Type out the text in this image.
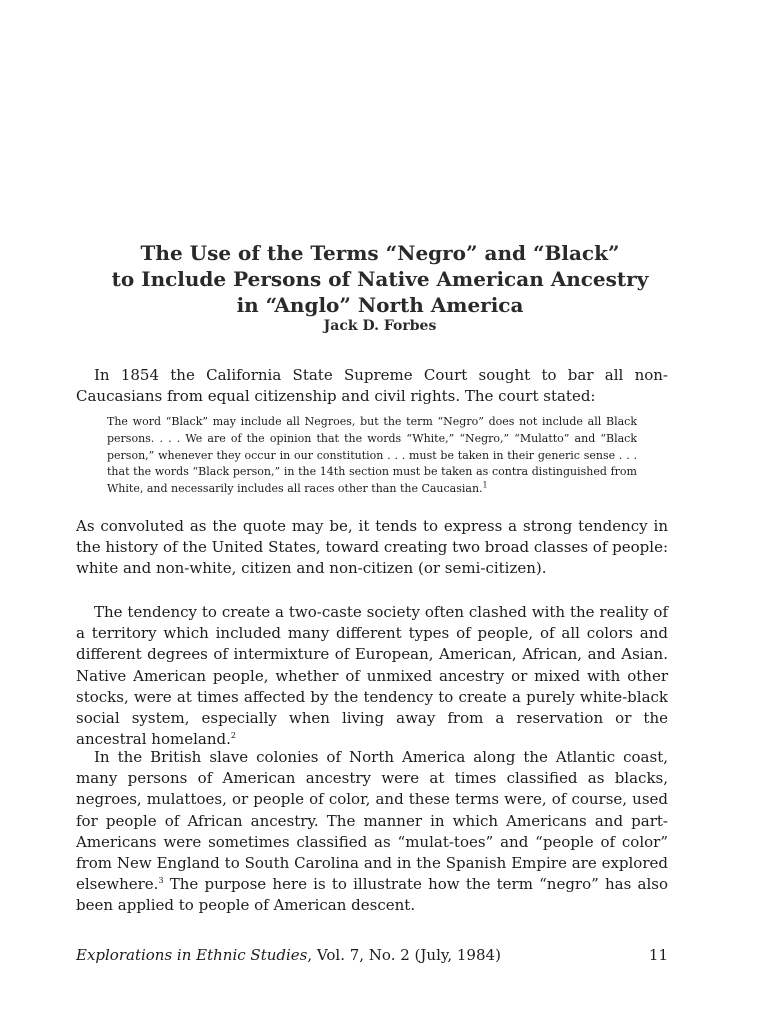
The Use of the Terms “Negro” and “Black”
to Include Persons of Native American Ancestry
in “Anglo” North America
Jack D. Forbes

In 1854 the California State Supreme Court sought to bar all non-Caucasians from equal citizenship and civil rights. The court stated:

The word “Black” may include all Negroes, but the term “Negro” does not include all Black persons. . . . We are of the opinion that the words “White,” “Negro,” “Mulatto” and “Black person,” whenever they occur in our constitution . . . must be taken in their generic sense . . . that the words “Black person,” in the 14th section must be taken as contra distinguished from White, and necessarily includes all races other than the Caucasian.$^1$

As convoluted as the quote may be, it tends to express a strong tendency in the history of the United States, toward creating two broad classes of people: white and non-white, citizen and non-citizen (or semi-citizen).

The tendency to create a two-caste society often clashed with the reality of a territory which included many different types of people, of all colors and different degrees of intermixture of European, American, African, and Asian. Native American people, whether of unmixed ancestry or mixed with other stocks, were at times affected by the tendency to create a purely white-black social system, especially when living away from a reservation or the ancestral homeland.$^2$

In the British slave colonies of North America along the Atlantic coast, many persons of American ancestry were at times classified as blacks, negroes, mulattoes, or people of color, and these terms were, of course, used for people of African ancestry. The manner in which Americans and part-Americans were sometimes classified as “mulat-toes” and “people of color” from New England to South Carolina and in the Spanish Empire are explored elsewhere.$^3$ The purpose here is to illustrate how the term “negro” has also been applied to people of American descent.

Explorations in Ethnic Studies, Vol. 7, No. 2 (July, 1984)	11
